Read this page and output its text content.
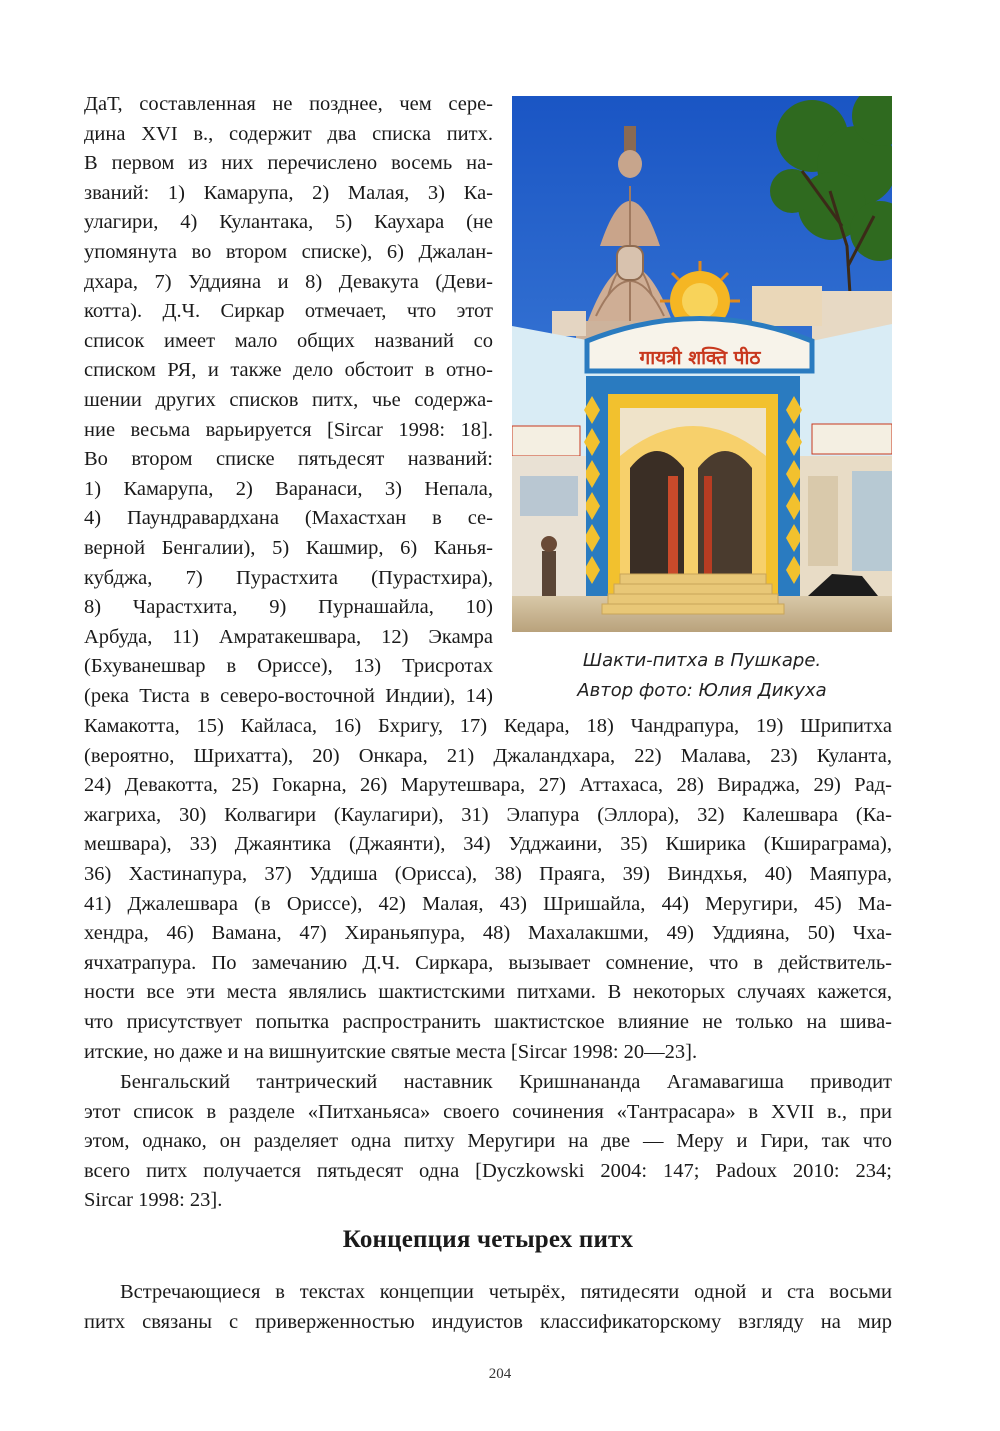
ДаТ, составленная не позднее, чем сере-
дина XVI в., содержит два списка питх.
В первом из них перечислено восемь на-
званий: 1) Камарупа, 2) Малая, 3) Ка-
улагири, 4) Кулантака, 5) Каухара (не
упомянута во втором списке), 6) Джалан-
дхара, 7) Уддияна и 8) Девакута (Деви-
котта). Д.Ч. Сиркар отмечает, что этот
список имеет мало общих названий со
списком РЯ, и также дело обстоит в отно-
шении других списков питх, чье содержа-
ние весьма варьируется [Sircar 1998: 18].
Во втором списке пятьдесят названий:
1) Камарупа, 2) Варанаси, 3) Непала,
4) Паундравардхана (Махастхан в се-
верной Бенгалии), 5) Кашмир, 6) Канья-
кубджа, 7) Пурастхита (Пурастхира),
8) Чарастхита, 9) Пурнашайла, 10)
Арбуда, 11) Амратакешвара, 12) Экамра
(Бхуванешвар в Ориссе), 13) Трисротах
(река Тиста в северо-восточной Индии), 14)
गायत्री शक्ति पीठ
Шакти-питха в Пушкаре.
Автор фото: Юлия Дикуха
Камакотта, 15) Кайласа, 16) Бхригу, 17) Кедара, 18) Чандрапура, 19) Шрипитха
(вероятно, Шрихатта), 20) Онкара, 21) Джаландхара, 22) Малава, 23) Куланта,
24) Девакотта, 25) Гокарна, 26) Марутешвара, 27) Аттахаса, 28) Вираджа, 29) Рад-
жагриха, 30) Колвагири (Каулагири), 31) Элапура (Эллора), 32) Калешвара (Ка-
мешвара), 33) Джаянтика (Джаянти), 34) Удджаини, 35) Кширика (Кшираграма),
36) Хастинапура, 37) Уддиша (Орисса), 38) Праяга, 39) Виндхья, 40) Маяпура,
41) Джалешвара (в Ориссе), 42) Малая, 43) Шришайла, 44) Меругири, 45) Ма-
хендра, 46) Вамана, 47) Хираньяпура, 48) Махалакшми, 49) Уддияна, 50) Чха-
ячхатрапура. По замечанию Д.Ч. Сиркара, вызывает сомнение, что в действитель-
ности все эти места являлись шактистскими питхами. В некоторых случаях кажется,
что присутствует попытка распространить шактистское влияние не только на шива-
итские, но даже и на вишнуитские святые места [Sircar 1998: 20—23].
Бенгальский тантрический наставник Кришнананда Агамавагиша приводит
этот список в разделе «Питханьяса» своего сочинения «Тантрасара» в XVII в., при
этом, однако, он разделяет одна питху Меругири на две — Меру и Гири, так что
всего питх получается пятьдесят одна [Dyczkowski 2004: 147; Padoux 2010: 234;
Sircar 1998: 23].
Концепция четырех питх
Встречающиеся в текстах концепции четырёх, пятидесяти одной и ста восьми
питх связаны с приверженностью индуистов классификаторскому взгляду на мир
204
